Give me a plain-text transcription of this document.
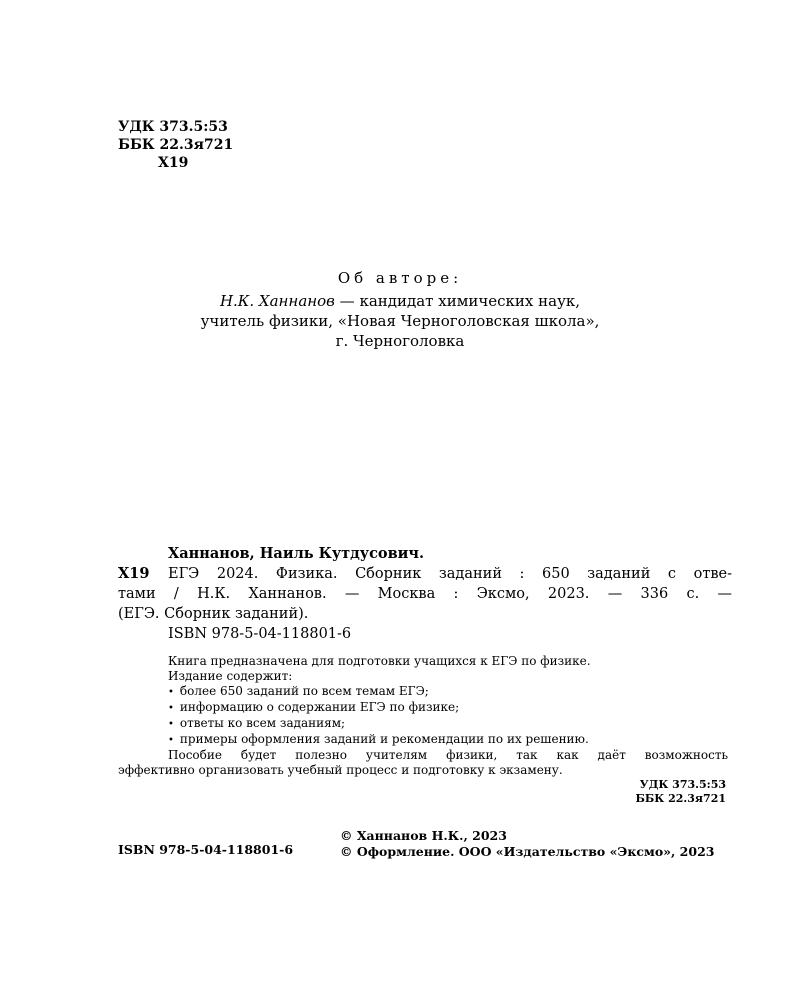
УДК 373.5:53
ББК 22.3я721
Х19
Об авторе:
Н.К. Ханнанов — кандидат химических наук,
учитель физики, «Новая Черноголовская школа»,
г. Черноголовка
Ханнанов, Наиль Кутдусович.
Х19 ЕГЭ 2024. Физика. Сборник заданий : 650 заданий с отве-
тами / Н.К. Ханнанов. — Москва : Эксмо, 2023. — 336 с. —
(ЕГЭ. Сборник заданий).
ISBN 978-5-04-118801-6
Книга предназначена для подготовки учащихся к ЕГЭ по физике.
Издание содержит:
• более 650 заданий по всем темам ЕГЭ;
• информацию о содержании ЕГЭ по физике;
• ответы ко всем заданиям;
• примеры оформления заданий и рекомендации по их решению.
Пособие будет полезно учителям физики, так как даёт возможность
эффективно организовать учебный процесс и подготовку к экзамену.
УДК 373.5:53
ББК 22.3я721
ISBN 978-5-04-118801-6
© Ханнанов Н.К., 2023
© Оформление. ООО «Издательство «Эксмо», 2023
